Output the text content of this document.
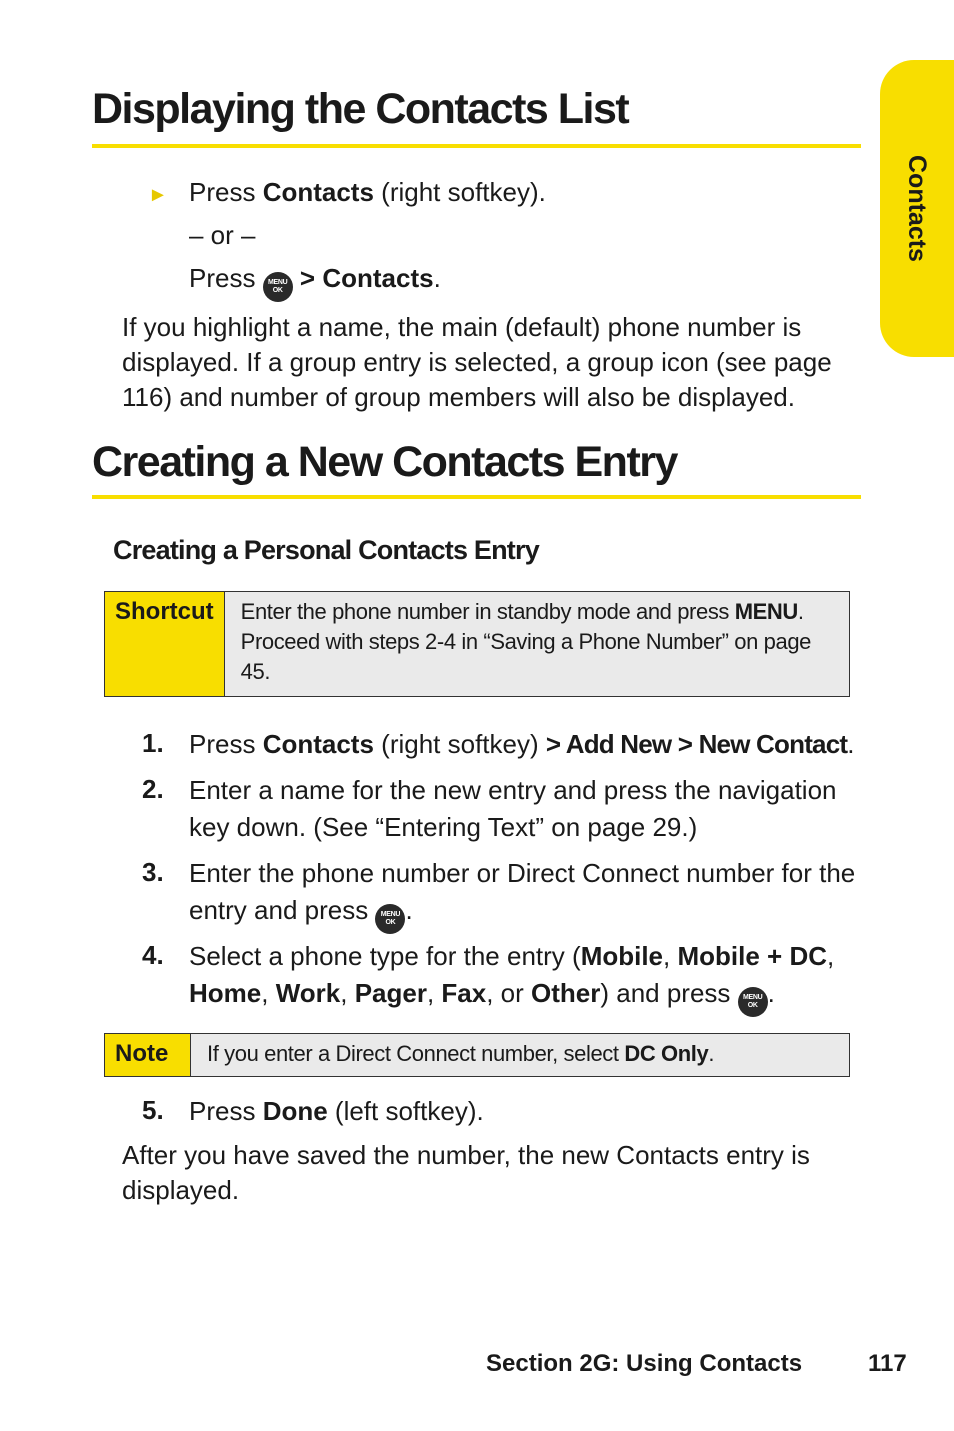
Contacts
Displaying the Contacts List
► Press Contacts (right softkey).
– or –
Press MENU
OK > Contacts.
If you highlight a name, the main (default) phone number is displayed. If a group entry is selected, a group icon (see page 116) and number of group members will also be displayed.
Creating a New Contacts Entry
Creating a Personal Contacts Entry
Shortcut	Enter the phone number in standby mode and press MENU. Proceed with steps 2-4 in “Saving a Phone Number” on page 45.
1. Press Contacts (right softkey) > Add New > New Contact.
2. Enter a name for the new entry and press the navigation key down. (See “Entering Text” on page 29.)
3. Enter the phone number or Direct Connect number for the entry and press MENU
OK .
4. Select a phone type for the entry (Mobile, Mobile + DC, Home, Work, Pager, Fax, or Other) and press MENU
OK .
Note	If you enter a Direct Connect number, select DC Only.
5. Press Done (left softkey).
After you have saved the number, the new Contacts entry is displayed.
Section 2G: Using Contacts	117
